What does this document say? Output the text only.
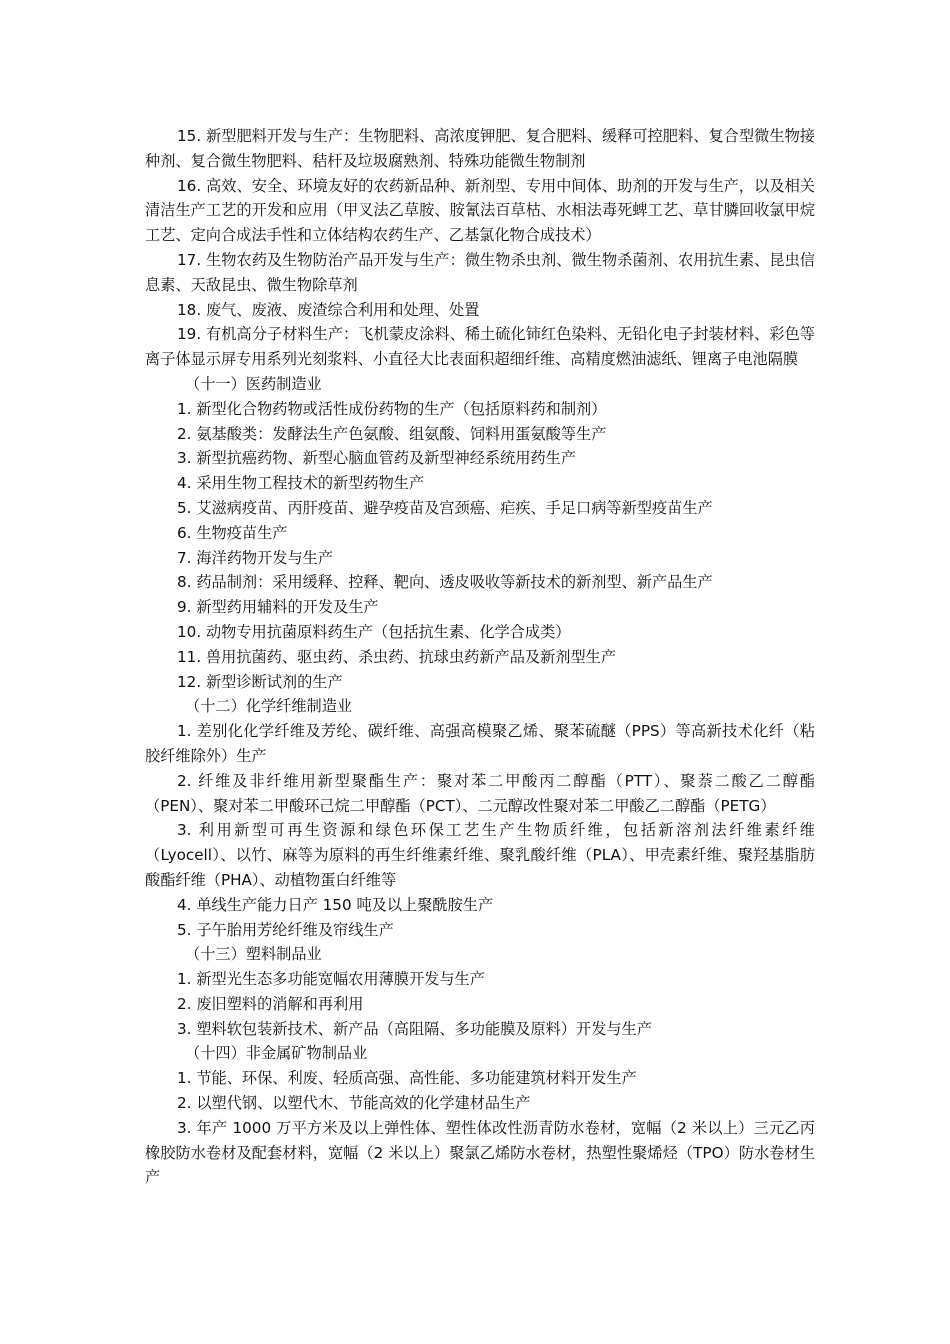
15. 新型肥料开发与生产：生物肥料、高浓度钾肥、复合肥料、缓释可控肥料、复合型微生物接种剂、复合微生物肥料、秸杆及垃圾腐熟剂、特殊功能微生物制剂

16. 高效、安全、环境友好的农药新品种、新剂型、专用中间体、助剂的开发与生产，以及相关清洁生产工艺的开发和应用（甲叉法乙草胺、胺氰法百草枯、水相法毒死蜱工艺、草甘膦回收氯甲烷工艺、定向合成法手性和立体结构农药生产、乙基氯化物合成技术）

17. 生物农药及生物防治产品开发与生产：微生物杀虫剂、微生物杀菌剂、农用抗生素、昆虫信息素、天敌昆虫、微生物除草剂

18. 废气、废液、废渣综合利用和处理、处置

19. 有机高分子材料生产：飞机蒙皮涂料、稀土硫化铈红色染料、无铅化电子封装材料、彩色等离子体显示屏专用系列光刻浆料、小直径大比表面积超细纤维、高精度燃油滤纸、锂离子电池隔膜

（十一）医药制造业

1. 新型化合物药物或活性成份药物的生产（包括原料药和制剂）

2. 氨基酸类：发酵法生产色氨酸、组氨酸、饲料用蛋氨酸等生产

3. 新型抗癌药物、新型心脑血管药及新型神经系统用药生产

4. 采用生物工程技术的新型药物生产

5. 艾滋病疫苗、丙肝疫苗、避孕疫苗及宫颈癌、疟疾、手足口病等新型疫苗生产

6. 生物疫苗生产

7. 海洋药物开发与生产

8. 药品制剂：采用缓释、控释、靶向、透皮吸收等新技术的新剂型、新产品生产

9. 新型药用辅料的开发及生产

10. 动物专用抗菌原料药生产（包括抗生素、化学合成类）

11. 兽用抗菌药、驱虫药、杀虫药、抗球虫药新产品及新剂型生产

12. 新型诊断试剂的生产

（十二）化学纤维制造业

1. 差别化化学纤维及芳纶、碳纤维、高强高模聚乙烯、聚苯硫醚（PPS）等高新技术化纤（粘胶纤维除外）生产

2. 纤维及非纤维用新型聚酯生产：聚对苯二甲酸丙二醇酯（PTT）、聚萘二酸乙二醇酯（PEN）、聚对苯二甲酸环己烷二甲醇酯（PCT）、二元醇改性聚对苯二甲酸乙二醇酯（PETG）

3. 利用新型可再生资源和绿色环保工艺生产生物质纤维，包括新溶剂法纤维素纤维（Lyocell）、以竹、麻等为原料的再生纤维素纤维、聚乳酸纤维（PLA）、甲壳素纤维、聚羟基脂肪酸酯纤维（PHA）、动植物蛋白纤维等

4. 单线生产能力日产 150 吨及以上聚酰胺生产

5. 子午胎用芳纶纤维及帘线生产

（十三）塑料制品业

1. 新型光生态多功能宽幅农用薄膜开发与生产

2. 废旧塑料的消解和再利用

3. 塑料软包装新技术、新产品（高阻隔、多功能膜及原料）开发与生产

（十四）非金属矿物制品业

1. 节能、环保、利废、轻质高强、高性能、多功能建筑材料开发生产

2. 以塑代钢、以塑代木、节能高效的化学建材品生产

3. 年产 1000 万平方米及以上弹性体、塑性体改性沥青防水卷材，宽幅（2 米以上）三元乙丙橡胶防水卷材及配套材料，宽幅（2 米以上）聚氯乙烯防水卷材，热塑性聚烯烃（TPO）防水卷材生产
